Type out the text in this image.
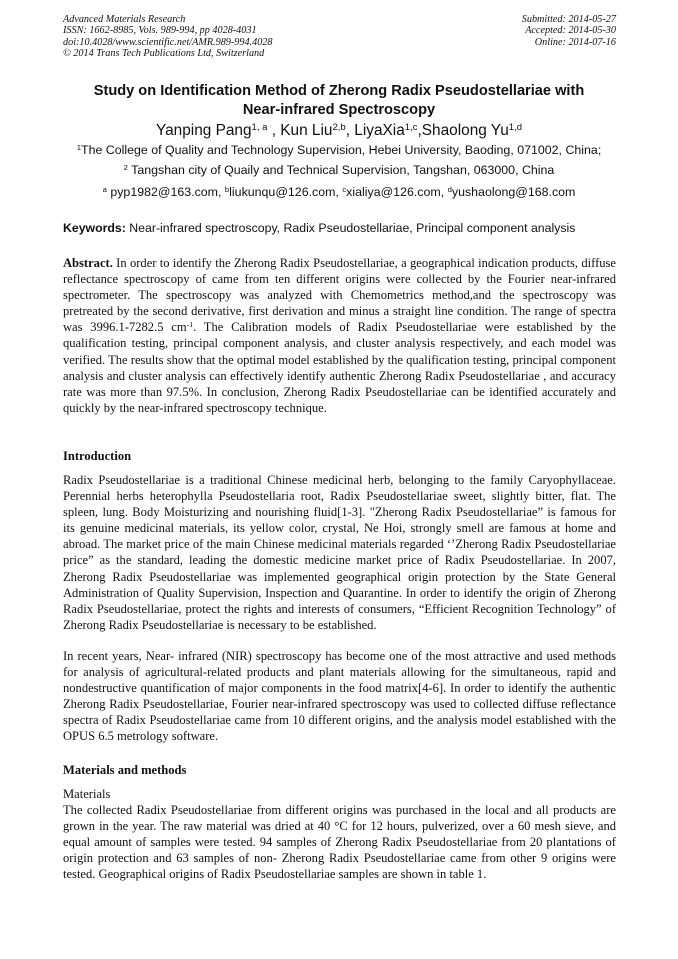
Advanced Materials Research
ISSN: 1662-8985, Vols. 989-994, pp 4028-4031
doi:10.4028/www.scientific.net/AMR.989-994.4028
© 2014 Trans Tech Publications Ltd, Switzerland
Submitted: 2014-05-27
Accepted: 2014-05-30
Online: 2014-07-16
Study on Identification Method of Zherong Radix Pseudostellariae with
Near-infrared Spectroscopy
Yanping Pang$^{1, a}$ , Kun Liu$^{2,b}$, LiyaXia$^{1,c}$,Shaolong Yu$^{1,d}$
$^1$The College of Quality and Technology Supervision, Hebei University, Baoding, 071002, China;
$^2$ Tangshan city of Quaily and Technical Supervision, Tangshan, 063000, China
$^a$ pyp1982@163.com, $^b$liukunqu@126.com, $^c$xialiya@126.com, $^d$yushaolong@168.com
Keywords: Near-infrared spectroscopy, Radix Pseudostellariae, Principal component analysis
Abstract. In order to identify the Zherong Radix Pseudostellariae, a geographical indication products, diffuse reflectance spectroscopy of came from ten different origins were collected by the Fourier near-infrared spectrometer. The spectroscopy was analyzed with Chemometrics method,and the spectroscopy was pretreated by the second derivative, first derivation and minus a straight line condition. The range of spectra was 3996.1-7282.5 $cm^{-1}$. The Calibration models of Radix Pseudostellariae were established by the qualification testing, principal component analysis, and cluster analysis respectively, and each model was verified. The results show that the optimal model established by the qualification testing, principal component analysis and cluster analysis can effectively identify authentic Zherong Radix Pseudostellariae , and accuracy rate was more than 97.5%. In conclusion, Zherong Radix Pseudostellariae can be identified accurately and quickly by the near-infrared spectroscopy technique.
Introduction
Radix Pseudostellariae is a traditional Chinese medicinal herb, belonging to the family Caryophyllaceae. Perennial herbs heterophylla Pseudostellaria root, Radix Pseudostellariae sweet, slightly bitter, flat. The spleen, lung. Body Moisturizing and nourishing fluid[1-3]. "Zherong Radix Pseudostellariae” is famous for its genuine medicinal materials, its yellow color, crystal, Ne Hoi, strongly smell are famous at home and abroad. The market price of the main Chinese medicinal materials regarded ‘’Zherong Radix Pseudostellariae price” as the standard, leading the domestic medicine market price of Radix Pseudostellariae. In 2007, Zherong Radix Pseudostellariae was implemented geographical origin protection by the State General Administration of Quality Supervision, Inspection and Quarantine. In order to identify the origin of Zherong Radix Pseudostellariae, protect the rights and interests of consumers, “Efficient Recognition Technology” of Zherong Radix Pseudostellariae is necessary to be established.
In recent years, Near- infrared (NIR) spectroscopy has become one of the most attractive and used methods for analysis of agricultural-related products and plant materials allowing for the simultaneous, rapid and nondestructive quantification of major components in the food matrix[4-6]. In order to identify the authentic Zherong Radix Pseudostellariae, Fourier near-infrared spectroscopy was used to collected diffuse reflectance spectra of Radix Pseudostellariae came from 10 different origins, and the analysis model established with the OPUS 6.5 metrology software.
Materials and methods
Materials
The collected Radix Pseudostellariae from different origins was purchased in the local and all products are grown in the year. The raw material was dried at 40 °C for 12 hours, pulverized, over a 60 mesh sieve, and equal amount of samples were tested. 94 samples of Zherong Radix Pseudostellariae from 20 plantations of origin protection and 63 samples of non- Zherong Radix Pseudostellariae came from other 9 origins were tested. Geographical origins of Radix Pseudostellariae samples are shown in table 1.
